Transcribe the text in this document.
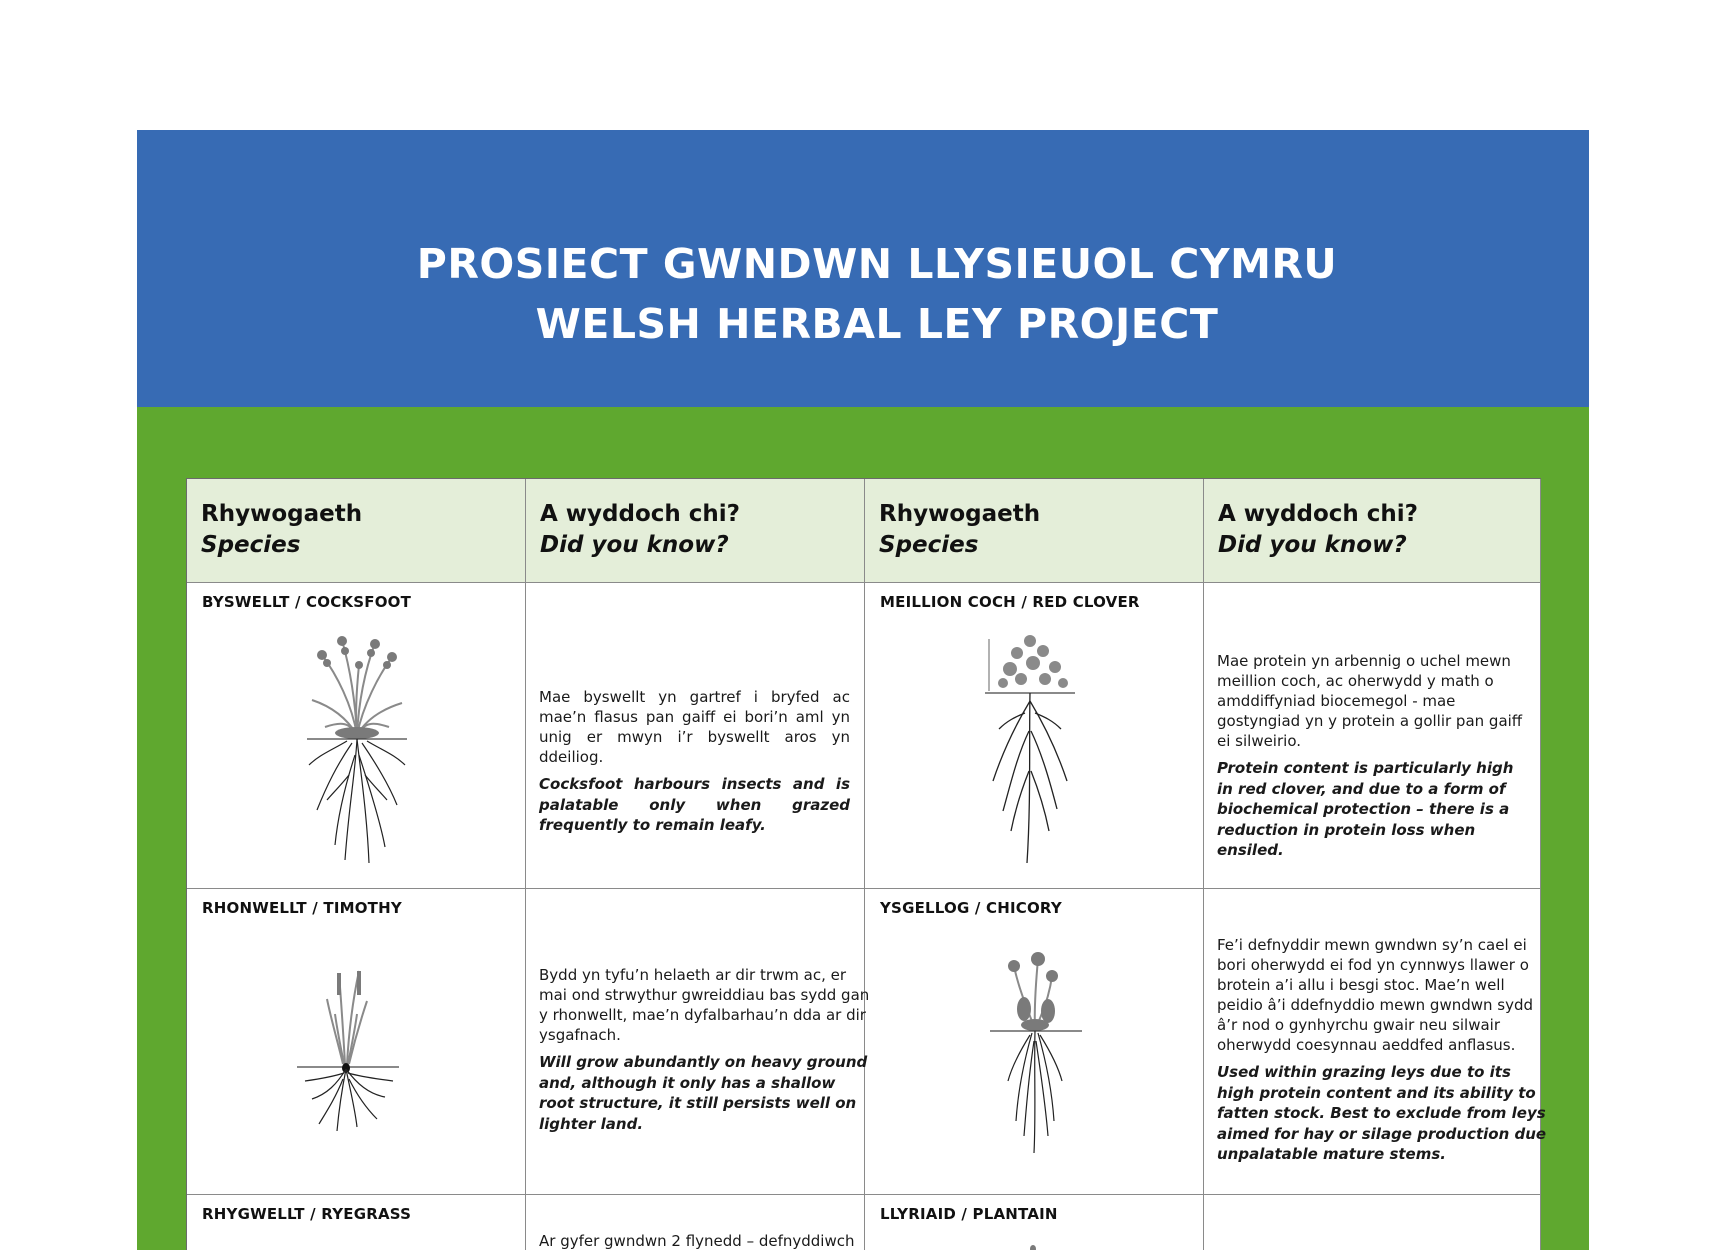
PROSIECT GWNDWN LLYSIEUOL CYMRU
WELSH HERBAL LEY PROJECT
Rhywogaeth
Species
A wyddoch chi?
Did you know?
Rhywogaeth
Species
A wyddoch chi?
Did you know?
BYSWELLT / COCKSFOOT
Mae byswellt yn gartref i bryfed ac mae’n flasus pan gaiff ei bori’n aml yn unig er mwyn i’r byswellt aros yn ddeiliog.
Cocksfoot harbours insects and is palatable only when grazed frequently to remain leafy.
MEILLION COCH / RED CLOVER
Mae protein yn arbennig o uchel mewn meillion coch, ac oherwydd y math o amddiffyniad biocemegol - mae gostyngiad yn y protein a gollir pan gaiff ei silweirio.
Protein content is particularly high in red clover, and due to a form of biochemical protection – there is a reduction in protein loss when ensiled.
RHONWELLT / TIMOTHY
Bydd yn tyfu’n helaeth ar dir trwm ac, er mai ond strwythur gwreiddiau bas sydd gan y rhonwellt, mae’n dyfalbarhau’n dda ar dir ysgafnach.
Will grow abundantly on heavy ground and, although it only has a shallow root structure, it still persists well on lighter land.
YSGELLOG / CHICORY
Fe’i defnyddir mewn gwndwn sy’n cael ei bori oherwydd ei fod yn cynnwys llawer o brotein a’i allu i besgi stoc. Mae’n well peidio â’i ddefnyddio mewn gwndwn sydd â’r nod o gynhyrchu gwair neu silwair oherwydd coesynnau aeddfed anflasus.
Used within grazing leys due to its high protein content and its ability to fatten stock. Best to exclude from leys aimed for hay or silage production due unpalatable mature stems.
RHYGWELLT / RYEGRASS
Ar gyfer gwndwn 2 flynedd – defnyddiwch
LLYRIAID / PLANTAIN
